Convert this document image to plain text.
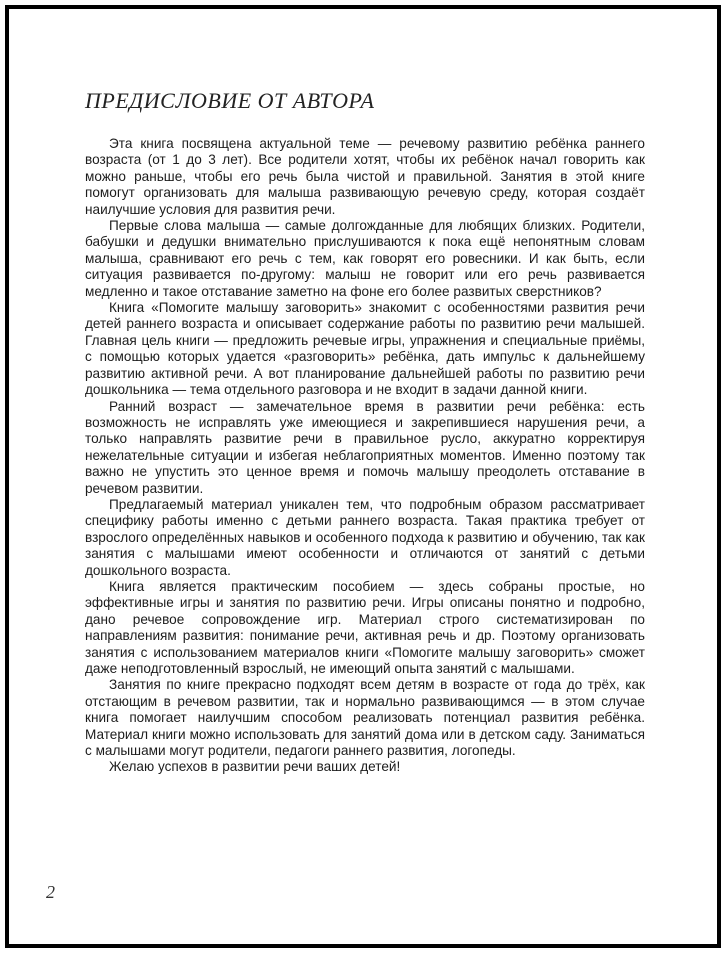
ПРЕДИСЛОВИЕ ОТ АВТОРА

Эта книга посвящена актуальной теме — речевому развитию ребёнка раннего возраста (от 1 до 3 лет). Все родители хотят, чтобы их ребёнок начал говорить как можно раньше, чтобы его речь была чистой и правильной. Занятия в этой книге помогут организовать для малыша развивающую речевую среду, которая создаёт наилучшие условия для развития речи.

Первые слова малыша — самые долгожданные для любящих близких. Родители, бабушки и дедушки внимательно прислушиваются к пока ещё непонятным словам малыша, сравнивают его речь с тем, как говорят его ровесники. И как быть, если ситуация развивается по-другому: малыш не говорит или его речь развивается медленно и такое отставание заметно на фоне его более развитых сверстников?

Книга «Помогите малышу заговорить» знакомит с особенностями развития речи детей раннего возраста и описывает содержание работы по развитию речи малышей. Главная цель книги — предложить речевые игры, упражнения и специальные приёмы, с помощью которых удается «разговорить» ребёнка, дать импульс к дальнейшему развитию активной речи. А вот планирование дальнейшей работы по развитию речи дошкольника — тема отдельного разговора и не входит в задачи данной книги.

Ранний возраст — замечательное время в развитии речи ребёнка: есть возможность не исправлять уже имеющиеся и закрепившиеся нарушения речи, а только направлять развитие речи в правильное русло, аккуратно корректируя нежелательные ситуации и избегая неблагоприятных моментов. Именно поэтому так важно не упустить это ценное время и помочь малышу преодолеть отставание в речевом развитии.

Предлагаемый материал уникален тем, что подробным образом рассматривает специфику работы именно с детьми раннего возраста. Такая практика требует от взрослого определённых навыков и особенного подхода к развитию и обучению, так как занятия с малышами имеют особенности и отличаются от занятий с детьми дошкольного возраста.

Книга является практическим пособием — здесь собраны простые, но эффективные игры и занятия по развитию речи. Игры описаны понятно и подробно, дано речевое сопровождение игр. Материал строго систематизирован по направлениям развития: понимание речи, активная речь и др. Поэтому организовать занятия с использованием материалов книги «Помогите малышу заговорить» сможет даже неподготовленный взрослый, не имеющий опыта занятий с малышами.

Занятия по книге прекрасно подходят всем детям в возрасте от года до трёх, как отстающим в речевом развитии, так и нормально развивающимся — в этом случае книга помогает наилучшим способом реализовать потенциал развития ребёнка. Материал книги можно использовать для занятий дома или в детском саду. Заниматься с малышами могут родители, педагоги раннего развития, логопеды.

Желаю успехов в развитии речи ваших детей!

2
